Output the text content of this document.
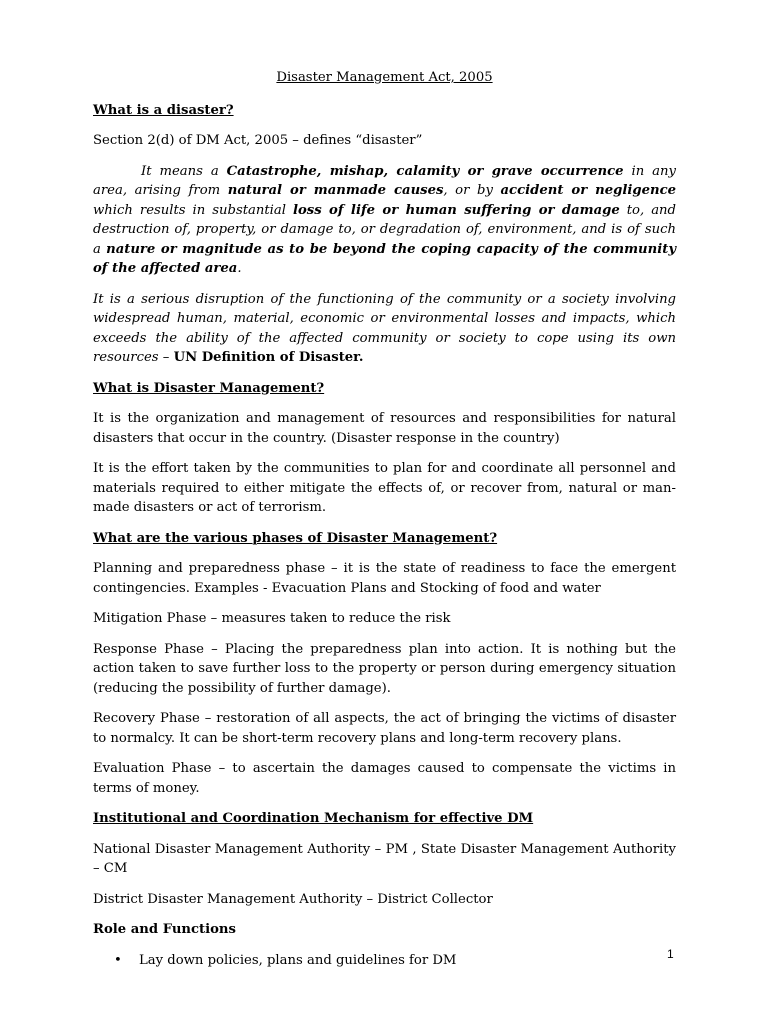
Disaster Management Act, 2005

What is a disaster?

Section 2(d) of DM Act, 2005 – defines “disaster”

It means a Catastrophe, mishap, calamity or grave occurrence in any area, arising from natural or manmade causes, or by accident or negligence which results in substantial loss of life or human suffering or damage to, and destruction of, property, or damage to, or degradation of, environment, and is of such a nature or magnitude as to be beyond the coping capacity of the community of the affected area.

It is a serious disruption of the functioning of the community or a society involving widespread human, material, economic or environmental losses and impacts, which exceeds the ability of the affected community or society to cope using its own resources – UN Definition of Disaster.

What is Disaster Management?

It is the organization and management of resources and responsibilities for natural disasters that occur in the country. (Disaster response in the country)

It is the effort taken by the communities to plan for and coordinate all personnel and materials required to either mitigate the effects of, or recover from, natural or man-made disasters or act of terrorism.

What are the various phases of Disaster Management?

Planning and preparedness phase – it is the state of readiness to face the emergent contingencies. Examples - Evacuation Plans and Stocking of food and water

Mitigation Phase – measures taken to reduce the risk

Response Phase – Placing the preparedness plan into action. It is nothing but the action taken to save further loss to the property or person during emergency situation (reducing the possibility of further damage).

Recovery Phase – restoration of all aspects, the act of bringing the victims of disaster to normalcy. It can be short-term recovery plans and long-term recovery plans.

Evaluation Phase – to ascertain the damages caused to compensate the victims in terms of money.

Institutional and Coordination Mechanism for effective DM

National Disaster Management Authority – PM , State Disaster Management Authority – CM

District Disaster Management Authority – District Collector

Role and Functions

• Lay down policies, plans and guidelines for DM	1
